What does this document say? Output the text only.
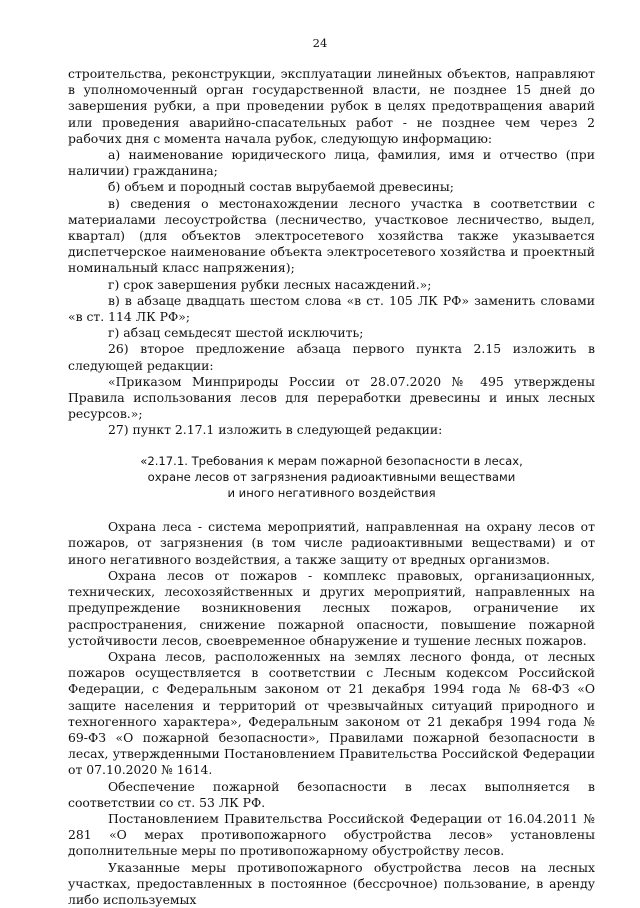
24

строительства, реконструкции, эксплуатации линейных объектов, направляют в уполномоченный орган государственной власти, не позднее 15 дней до завершения рубки, а при проведении рубок в целях предотвращения аварий или проведения аварийно-спасательных работ - не позднее чем через 2 рабочих дня с момента начала рубок, следующую информацию:

а) наименование юридического лица, фамилия, имя и отчество (при наличии) гражданина;

б) объем и породный состав вырубаемой древесины;

в) сведения о местонахождении лесного участка в соответствии с материалами лесоустройства (лесничество, участковое лесничество, выдел, квартал) (для объектов электросетевого хозяйства также указывается диспетчерское наименование объекта электросетевого хозяйства и проектный номинальный класс напряжения);

г) срок завершения рубки лесных насаждений.»;

в) в абзаце двадцать шестом слова «в ст. 105 ЛК РФ» заменить словами «в ст. 114 ЛК РФ»;

г) абзац семьдесят шестой исключить;

26) второе предложение абзаца первого пункта 2.15 изложить в следующей редакции:

«Приказом Минприроды России от 28.07.2020 № 495 утверждены Правила использования лесов для переработки древесины и иных лесных ресурсов.»;

27) пункт 2.17.1 изложить в следующей редакции:

«2.17.1. Требования к мерам пожарной безопасности в лесах,
охране лесов от загрязнения радиоактивными веществами
и иного негативного воздействия

Охрана леса - система мероприятий, направленная на охрану лесов от пожаров, от загрязнения (в том числе радиоактивными веществами) и от иного негативного воздействия, а также защиту от вредных организмов.

Охрана лесов от пожаров - комплекс правовых, организационных, технических, лесохозяйственных и других мероприятий, направленных на предупреждение возникновения лесных пожаров, ограничение их распространения, снижение пожарной опасности, повышение пожарной устойчивости лесов, своевременное обнаружение и тушение лесных пожаров.

Охрана лесов, расположенных на землях лесного фонда, от лесных пожаров осуществляется в соответствии с Лесным кодексом Российской Федерации, с Федеральным законом от 21 декабря 1994 года № 68-ФЗ «О защите населения и территорий от чрезвычайных ситуаций природного и техногенного характера», Федеральным законом от 21 декабря 1994 года № 69-ФЗ «О пожарной безопасности», Правилами пожарной безопасности в лесах, утвержденными Постановлением Правительства Российской Федерации от 07.10.2020 № 1614.

Обеспечение пожарной безопасности в лесах выполняется в соответствии со ст. 53 ЛК РФ.

Постановлением Правительства Российской Федерации от 16.04.2011 № 281 «О мерах противопожарного обустройства лесов» установлены дополнительные меры по противопожарному обустройству лесов.

Указанные меры противопожарного обустройства лесов на лесных участках, предоставленных в постоянное (бессрочное) пользование, в аренду либо используемых
